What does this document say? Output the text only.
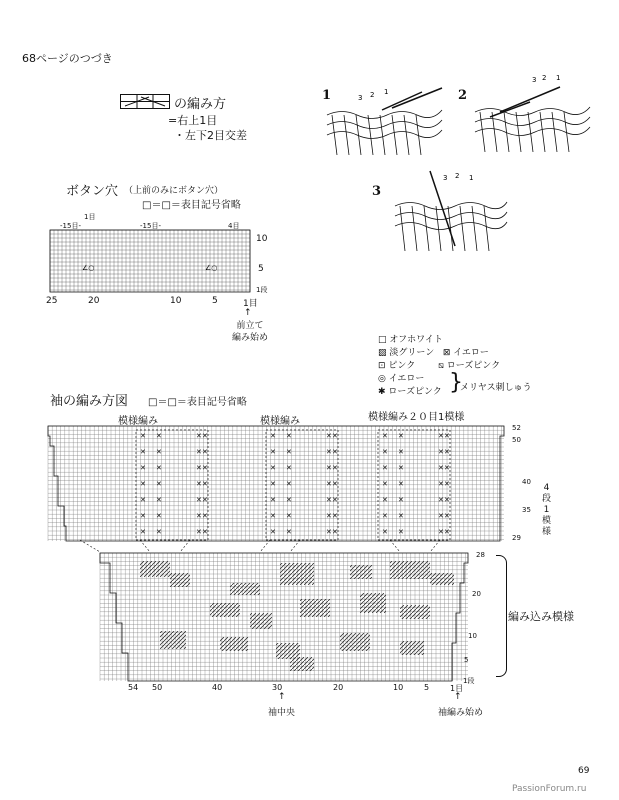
68ページのつづき
の編み方
=右上1目
・左下2目交差
1	2
3
3 2 1
3 2 1
3 2 1
ボタン穴 （上前のみにボタン穴）
□＝□＝表目記号省略
-15目-
1目
-15目-	4目
∠○	∠○
10
5
1段
25	20	10	5	1目
↑
前立て
編み始め	□ オフホワイト
▨ 淡グリーン ⊠ イエロー
⊡ ピンク	⧅ ローズピンク
◎ イエロー
✱ ローズピンク }
メリヤス刺しゅう
袖の編み方図 □＝□＝表目記号省略
模様編み	模様編み	模様編み２０目1模様
✕ ✕
✕ ✕
✕ ✕
✕ ✕
✕ ✕
✕ ✕
✕ ✕
✕ ✕
✕ ✕
✕ ✕
✕ ✕
✕ ✕
✕ ✕
✕ ✕
✕ ✕
✕ ✕
✕ ✕
✕ ✕
✕ ✕
✕ ✕
✕ ✕
✕ ✕
✕ ✕
✕ ✕
✕ ✕
✕ ✕
✕ ✕
✕ ✕
✕ ✕
✕ ✕
✕ ✕
✕ ✕
✕ ✕
✕ ✕
✕ ✕
✕ ✕
✕ ✕
✕ ✕
✕ ✕
✕ ✕
✕ ✕
✕ ✕
52
50
40
35
29
4
段
1
模
様
28
20
10
5
1段
編み込み模様
54 50	40	30	20	10	5	1目
↑
袖中央
↑
袖編み始め
69
PassionForum.ru
